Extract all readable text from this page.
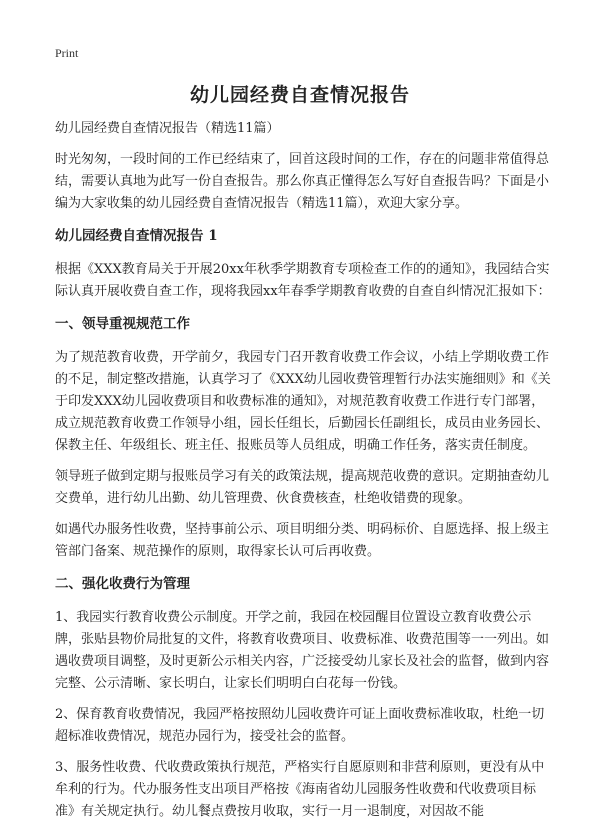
Print
幼儿园经费自查情况报告

幼儿园经费自查情况报告（精选11篇）

时光匆匆，一段时间的工作已经结束了，回首这段时间的工作，存在的问题非常值得总结，需要认真地为此写一份自查报告。那么你真正懂得怎么写好自查报告吗？下面是小编为大家收集的幼儿园经费自查情况报告（精选11篇），欢迎大家分享。

幼儿园经费自查情况报告 1

根据《XXX教育局关于开展20xx年秋季学期教育专项检查工作的的通知》，我园结合实际认真开展收费自查工作，现将我园xx年春季学期教育收费的自查自纠情况汇报如下：

一、领导重视规范工作

为了规范教育收费，开学前夕，我园专门召开教育收费工作会议，小结上学期收费工作的不足，制定整改措施，认真学习了《XXX幼儿园收费管理暂行办法实施细则》和《关于印发XXX幼儿园收费项目和收费标准的通知》，对规范教育收费工作进行专门部署，成立规范教育收费工作领导小组，园长任组长，后勤园长任副组长，成员由业务园长、保教主任、年级组长、班主任、报账员等人员组成，明确工作任务，落实责任制度。

领导班子做到定期与报账员学习有关的政策法规，提高规范收费的意识。定期抽查幼儿交费单，进行幼儿出勤、幼儿管理费、伙食费核查，杜绝收错费的现象。

如遇代办服务性收费，坚持事前公示、项目明细分类、明码标价、自愿选择、报上级主管部门备案、规范操作的原则，取得家长认可后再收费。

二、强化收费行为管理

1、我园实行教育收费公示制度。开学之前，我园在校园醒目位置设立教育收费公示牌，张贴县物价局批复的文件，将教育收费项目、收费标准、收费范围等一一列出。如遇收费项目调整，及时更新公示相关内容，广泛接受幼儿家长及社会的监督，做到内容完整、公示清晰、家长明白，让家长们明明白白花每一份钱。

2、保育教育收费情况，我园严格按照幼儿园收费许可证上面收费标准收取，杜绝一切超标准收费情况，规范办园行为，接受社会的监督。

3、服务性收费、代收费政策执行规范，严格实行自愿原则和非营利原则，更没有从中牟利的行为。代办服务性支出项目严格按《海南省幼儿园服务性收费和代收费项目标准》有关规定执行。幼儿餐点费按月收取，实行一月一退制度，对因故不能
